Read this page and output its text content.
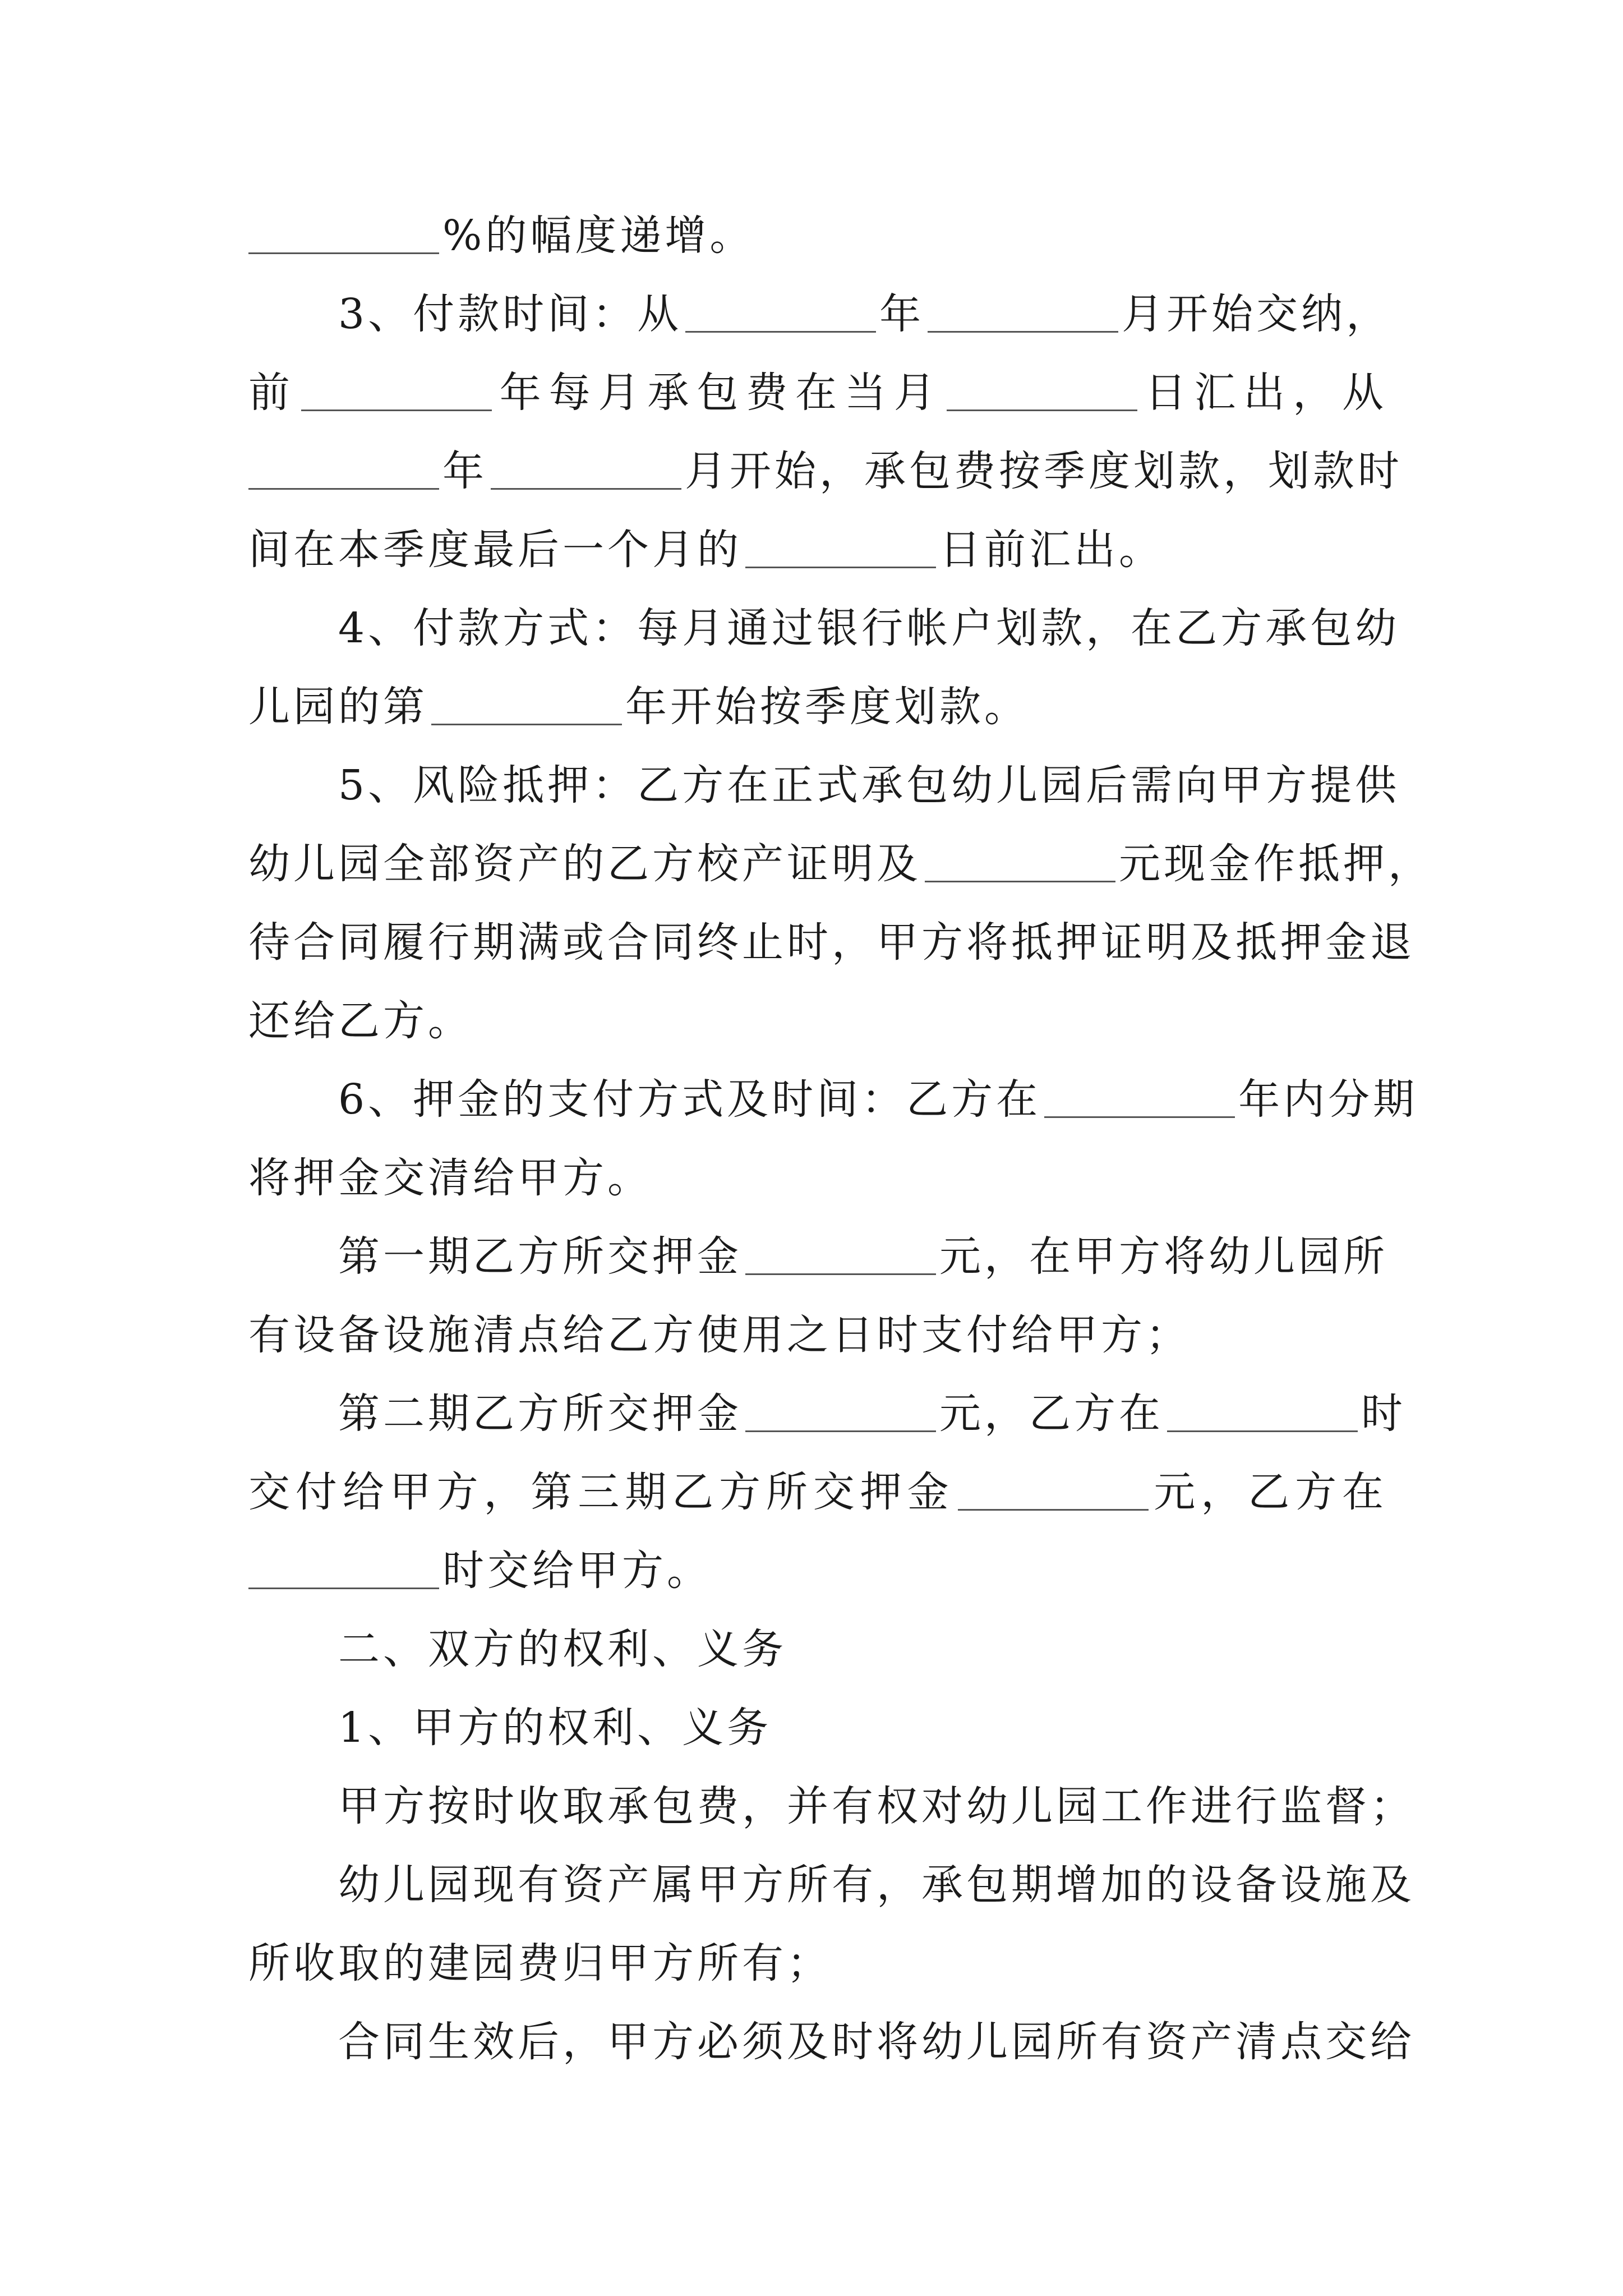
%的幅度递增。
3、付款时间：从	年	月开始交纳，
前	年每月承包费在当月	日汇出，从
年	月开始，承包费按季度划款，划款时
间在本季度最后一个月的	日前汇出。
4、付款方式：每月通过银行帐户划款，在乙方承包幼
儿园的第	年开始按季度划款。
5、风险抵押：乙方在正式承包幼儿园后需向甲方提供
幼儿园全部资产的乙方校产证明及	元现金作抵押，
待合同履行期满或合同终止时，甲方将抵押证明及抵押金退
还给乙方。
6、押金的支付方式及时间：乙方在	年内分期
将押金交清给甲方。
第一期乙方所交押金	元，在甲方将幼儿园所
有设备设施清点给乙方使用之日时支付给甲方；
第二期乙方所交押金	元，乙方在	时
交付给甲方，第三期乙方所交押金	元，乙方在
时交给甲方。
二、双方的权利、义务
1、甲方的权利、义务
甲方按时收取承包费，并有权对幼儿园工作进行监督；
幼儿园现有资产属甲方所有，承包期增加的设备设施及
所收取的建园费归甲方所有；
合同生效后，甲方必须及时将幼儿园所有资产清点交给
